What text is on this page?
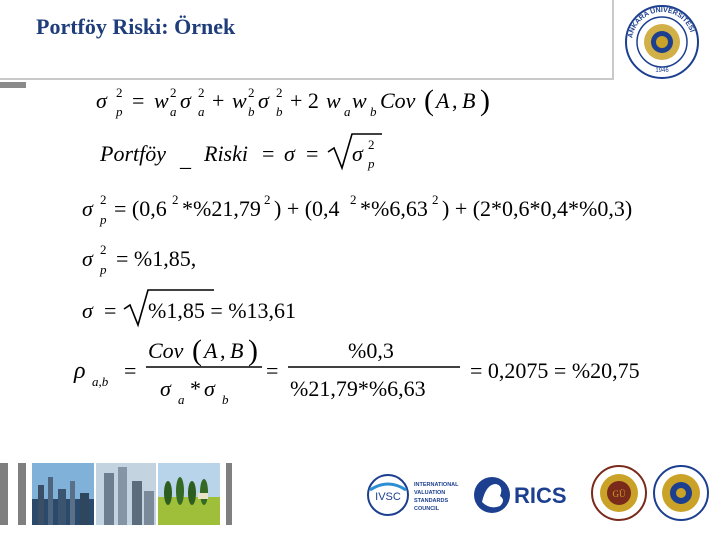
Portföy Riski: Örnek	ANKARA ÜNİVERSİTESİ
1946
σ 2
p = w 2
a σ 2
a + w 2
b σ 2
b + 2 w a w b Cov ( A , B )
Portföy _ Riski = σ = σ 2
p
σ 2
p = (0,6 2 *%21,79 2 ) + (0,4 2 *%6,63 2 ) + (2*0,6*0,4*%0,3)
σ 2
p = %1,85,
σ = %1,85 = %13,61
ρ a,b =
Cov ( A , B )
σ a * σ b
=
%0,3
%21,79*%6,63
= 0,2075 = %20,75
IVSC
INTERNATIONAL
VALUATION
STANDARDS
COUNCIL
RICS	GÜ
